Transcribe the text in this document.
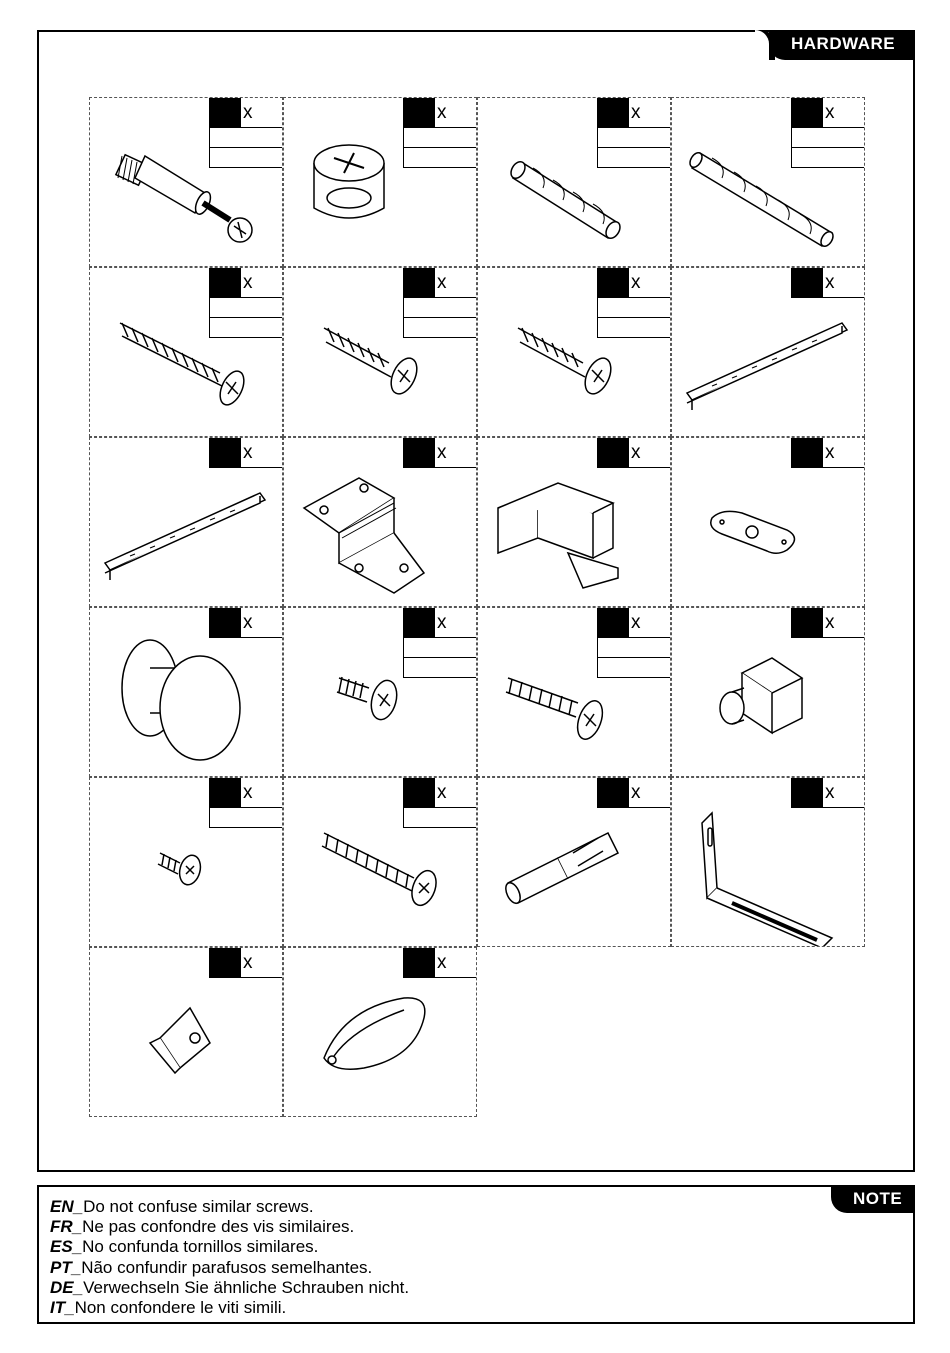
HARDWARE
x	x	x	x
x	x	x	x
x	x	x	x
x	x	x	x
x	x	x	x
x	x
NOTE
EN_Do not confuse similar screws.
FR_Ne pas confondre des vis similaires.
ES_No confunda tornillos similares.
PT_Não confundir parafusos semelhantes.
DE_Verwechseln Sie ähnliche Schrauben nicht.
IT_Non confondere le viti simili.
